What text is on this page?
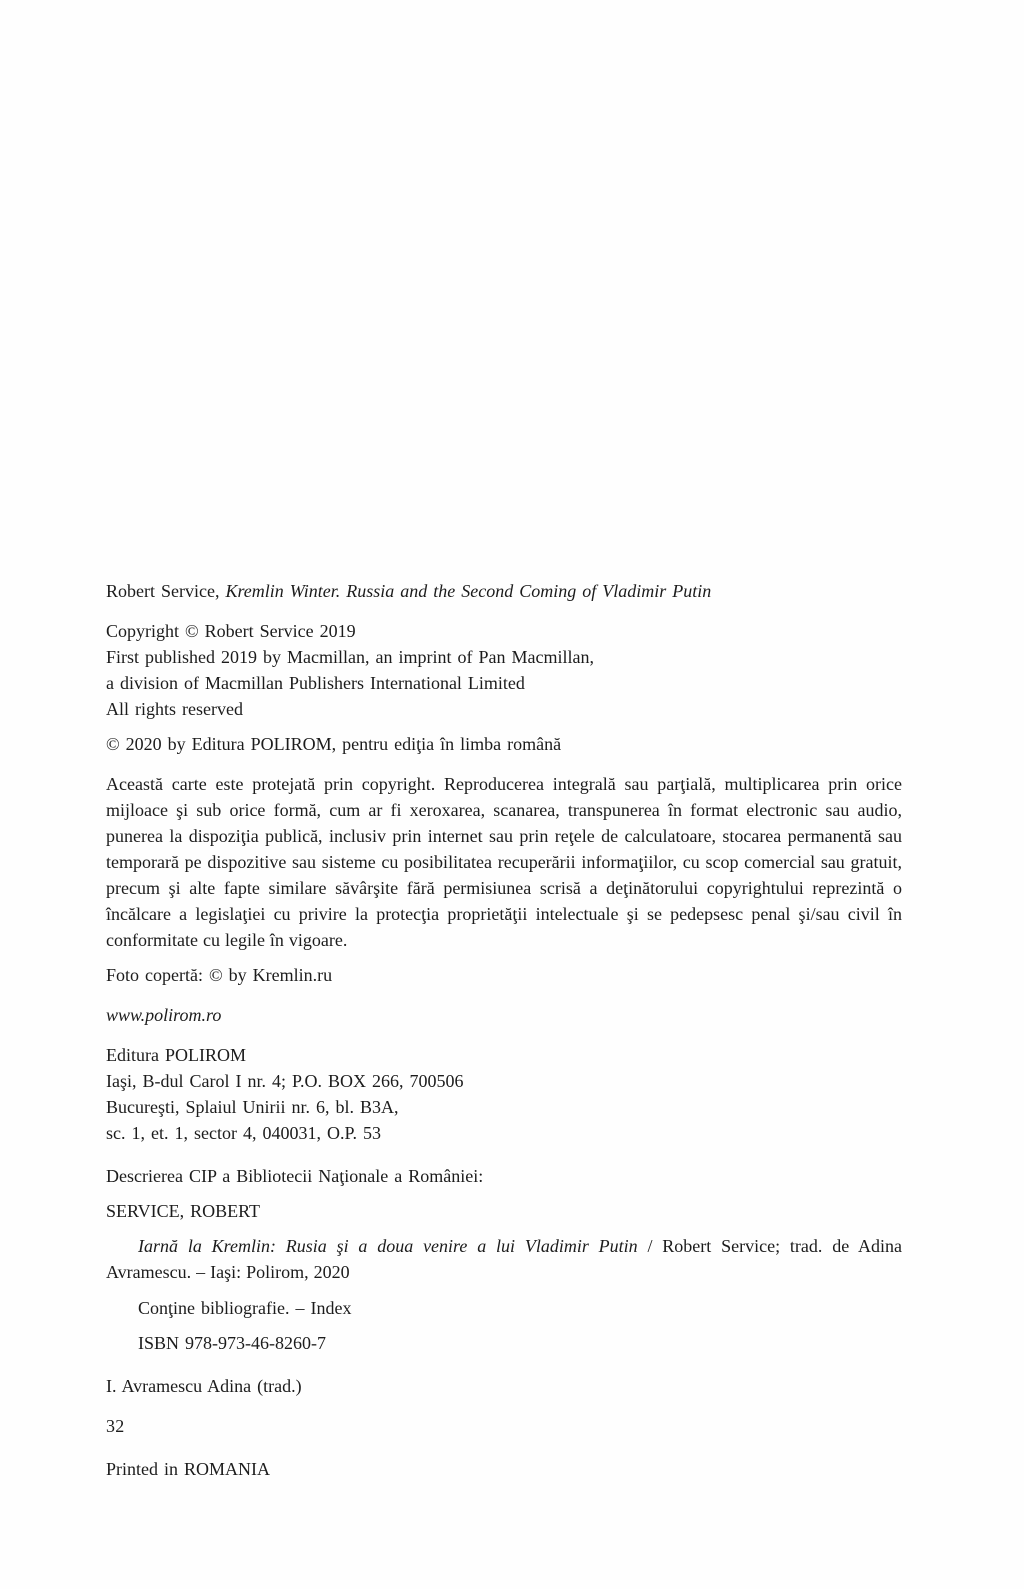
Robert Service, Kremlin Winter. Russia and the Second Coming of Vladimir Putin

Copyright © Robert Service 2019

First published 2019 by Macmillan, an imprint of Pan Macmillan,

a division of Macmillan Publishers International Limited

All rights reserved

© 2020 by Editura POLIROM, pentru ediţia în limba română

Această carte este protejată prin copyright. Reproducerea integrală sau parţială, multiplicarea prin orice mijloace şi sub orice formă, cum ar fi xeroxarea, scanarea, transpunerea în format electronic sau audio, punerea la dispoziţia publică, inclusiv prin internet sau prin reţele de calculatoare, stocarea permanentă sau temporară pe dispozitive sau sisteme cu posibilitatea recuperării informaţiilor, cu scop comercial sau gratuit, precum şi alte fapte similare săvârşite fără permisiunea scrisă a deţinătorului copyrightului reprezintă o încălcare a legislaţiei cu privire la protecţia proprietăţii intelectuale şi se pedepsesc penal şi/sau civil în conformitate cu legile în vigoare.

Foto copertă: © by Kremlin.ru

www.polirom.ro

Editura POLIROM

Iaşi, B-dul Carol I nr. 4; P.O. BOX 266, 700506

Bucureşti, Splaiul Unirii nr. 6, bl. B3A,

sc. 1, et. 1, sector 4, 040031, O.P. 53

Descrierea CIP a Bibliotecii Naţionale a României:

SERVICE, ROBERT

Iarnă la Kremlin: Rusia şi a doua venire a lui Vladimir Putin / Robert Service; trad. de Adina Avramescu. – Iaşi: Polirom, 2020

Conţine bibliografie. – Index

ISBN 978-973-46-8260-7

I. Avramescu Adina (trad.)

32

Printed in ROMANIA
